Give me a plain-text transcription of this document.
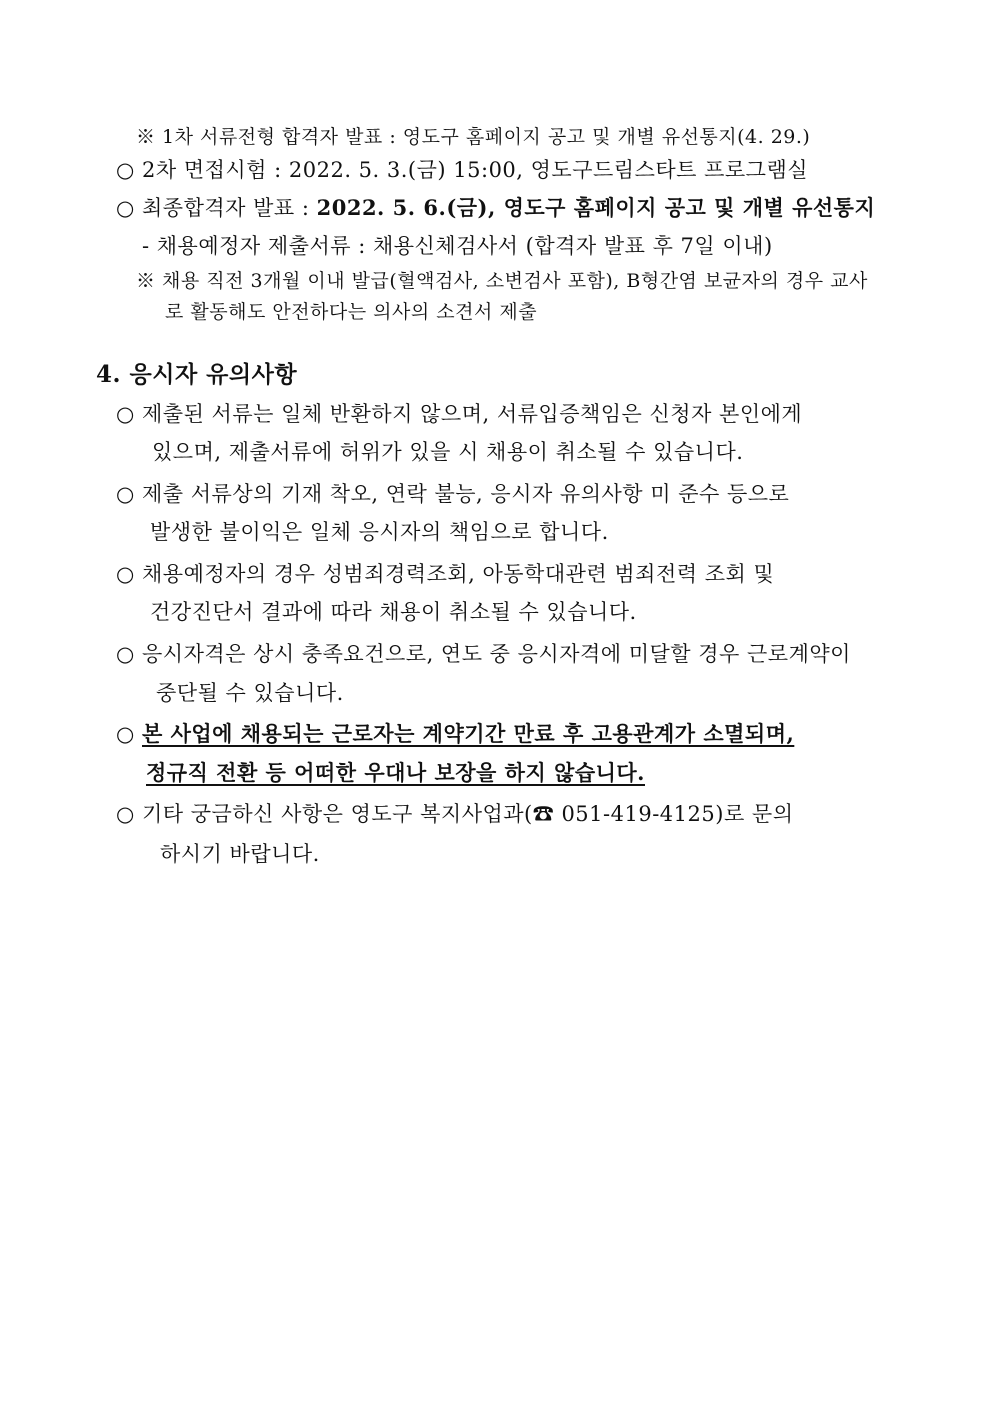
※ 1차 서류전형 합격자 발표 : 영도구 홈페이지 공고 및 개별 유선통지(4. 29.)
○ 2차 면접시험 : 2022. 5. 3.(금) 15:00, 영도구드림스타트 프로그램실
○ 최종합격자 발표 : 2022. 5. 6.(금), 영도구 홈페이지 공고 및 개별 유선통지
- 채용예정자 제출서류 : 채용신체검사서 (합격자 발표 후 7일 이내)
※ 채용 직전 3개월 이내 발급(혈액검사, 소변검사 포함), B형간염 보균자의 경우 교사
로 활동해도 안전하다는 의사의 소견서 제출
4. 응시자 유의사항
○ 제출된 서류는 일체 반환하지 않으며, 서류입증책임은 신청자 본인에게
있으며, 제출서류에 허위가 있을 시 채용이 취소될 수 있습니다.
○ 제출 서류상의 기재 착오, 연락 불능, 응시자 유의사항 미 준수 등으로
발생한 불이익은 일체 응시자의 책임으로 합니다.
○ 채용예정자의 경우 성범죄경력조회, 아동학대관련 범죄전력 조회 및
건강진단서 결과에 따라 채용이 취소될 수 있습니다.
○ 응시자격은 상시 충족요건으로, 연도 중 응시자격에 미달할 경우 근로계약이
중단될 수 있습니다.
○ 본 사업에 채용되는 근로자는 계약기간 만료 후 고용관계가 소멸되며,
정규직 전환 등 어떠한 우대나 보장을 하지 않습니다.
○ 기타 궁금하신 사항은 영도구 복지사업과(☎ 051-419-4125)로 문의
하시기 바랍니다.
